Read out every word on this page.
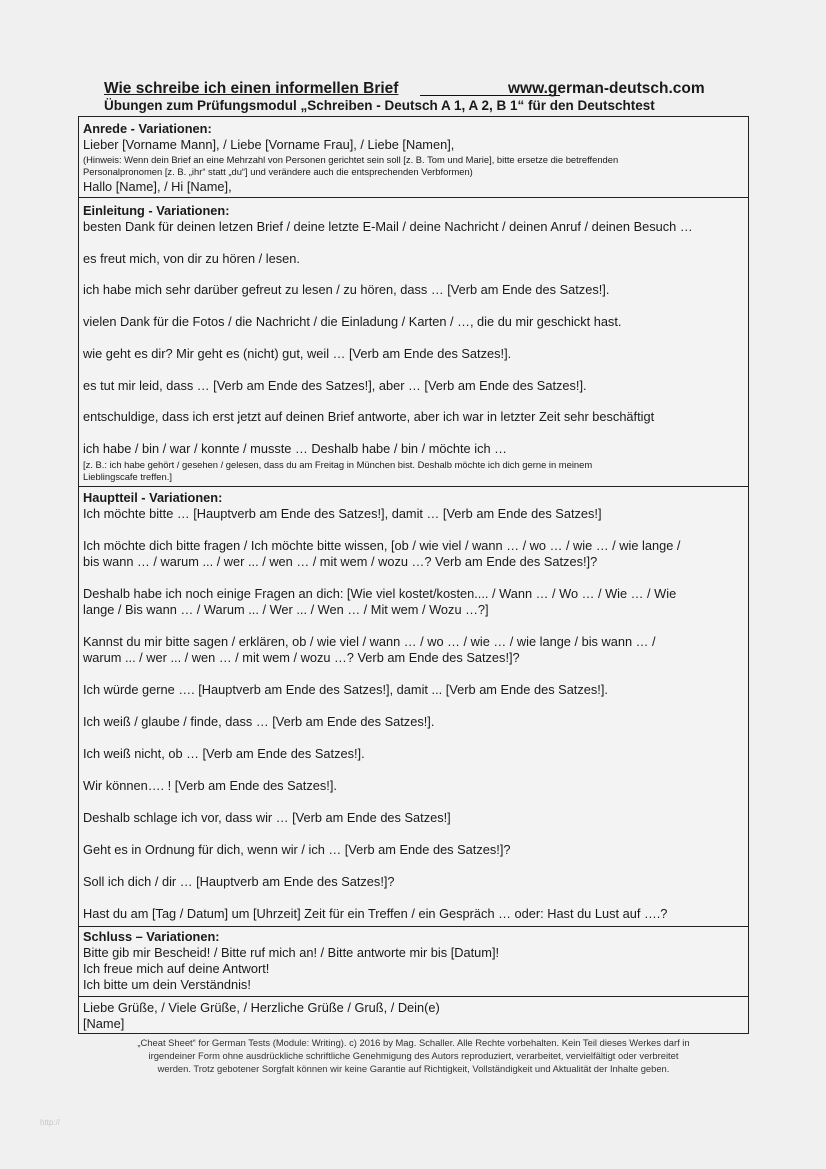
Wie schreibe ich einen informellen Brief	www.german-deutsch.com
Übungen zum Prüfungsmodul „Schreiben - Deutsch A 1, A 2, B 1“ für den Deutschtest
Anrede - Variationen:
Lieber [Vorname Mann], / Liebe [Vorname Frau], / Liebe [Namen],
(Hinweis: Wenn dein Brief an eine Mehrzahl von Personen gerichtet sein soll [z. B. Tom und Marie], bitte ersetze die betreffenden
Personalpronomen [z. B. „ihr“ statt „du“] und verändere auch die entsprechenden Verbformen)
Hallo [Name], / Hi [Name],
Einleitung - Variationen:
besten Dank für deinen letzen Brief / deine letzte E-Mail / deine Nachricht / deinen Anruf / deinen Besuch …
es freut mich, von dir zu hören / lesen.
ich habe mich sehr darüber gefreut zu lesen / zu hören, dass … [Verb am Ende des Satzes!].
vielen Dank für die Fotos / die Nachricht / die Einladung / Karten / …, die du mir geschickt hast.
wie geht es dir? Mir geht es (nicht) gut, weil … [Verb am Ende des Satzes!].
es tut mir leid, dass … [Verb am Ende des Satzes!], aber … [Verb am Ende des Satzes!].
entschuldige, dass ich erst jetzt auf deinen Brief antworte, aber ich war in letzter Zeit sehr beschäftigt
ich habe / bin / war / konnte / musste … Deshalb habe / bin / möchte ich …
[z. B.: ich habe gehört / gesehen / gelesen, dass du am Freitag in München bist. Deshalb möchte ich dich gerne in meinem
Lieblingscafe treffen.]
Hauptteil - Variationen:
Ich möchte bitte … [Hauptverb am Ende des Satzes!], damit … [Verb am Ende des Satzes!]
Ich möchte dich bitte fragen / Ich möchte bitte wissen, [ob / wie viel / wann … / wo … / wie … / wie lange /
bis wann … / warum ... / wer ... / wen … / mit wem / wozu …? Verb am Ende des Satzes!]?
Deshalb habe ich noch einige Fragen an dich: [Wie viel kostet/kosten.... / Wann … / Wo … / Wie … / Wie
lange / Bis wann … / Warum ... / Wer ... / Wen … / Mit wem / Wozu …?]
Kannst du mir bitte sagen / erklären, ob / wie viel / wann … / wo … / wie … / wie lange / bis wann … /
warum ... / wer ... / wen … / mit wem / wozu …? Verb am Ende des Satzes!]?
Ich würde gerne …. [Hauptverb am Ende des Satzes!], damit ... [Verb am Ende des Satzes!].
Ich weiß / glaube / finde, dass … [Verb am Ende des Satzes!].
Ich weiß nicht, ob … [Verb am Ende des Satzes!].
Wir können…. ! [Verb am Ende des Satzes!].
Deshalb schlage ich vor, dass wir … [Verb am Ende des Satzes!]
Geht es in Ordnung für dich, wenn wir / ich … [Verb am Ende des Satzes!]?
Soll ich dich / dir … [Hauptverb am Ende des Satzes!]?
Hast du am [Tag / Datum] um [Uhrzeit] Zeit für ein Treffen / ein Gespräch … oder: Hast du Lust auf ….?
Schluss – Variationen:
Bitte gib mir Bescheid! / Bitte ruf mich an! / Bitte antworte mir bis [Datum]!
Ich freue mich auf deine Antwort!
Ich bitte um dein Verständnis!
Liebe Grüße, / Viele Grüße, / Herzliche Grüße / Gruß, / Dein(e)
[Name]
„Cheat Sheet“ for German Tests (Module: Writing). c) 2016 by Mag. Schaller. Alle Rechte vorbehalten. Kein Teil dieses Werkes darf in
irgendeiner Form ohne ausdrückliche schriftliche Genehmigung des Autors reproduziert, verarbeitet, vervielfältigt oder verbreitet
werden. Trotz gebotener Sorgfalt können wir keine Garantie auf Richtigkeit, Vollständigkeit und Aktualität der Inhalte geben.
http://
